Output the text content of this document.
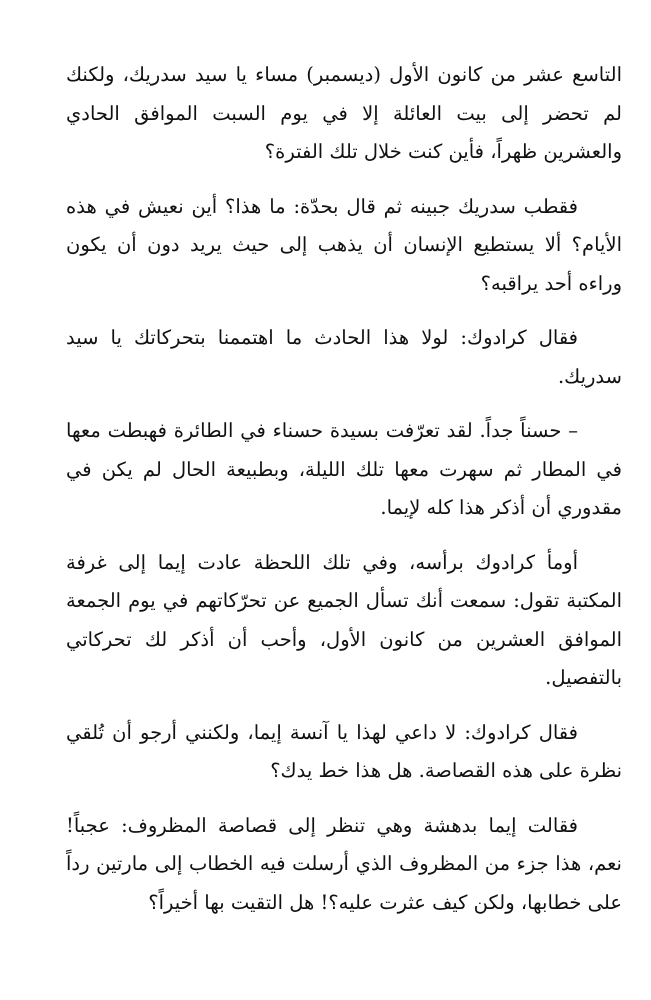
التاسع عشر من كانون الأول (ديسمبر) مساء يا سيد سدريك، ولكنك لم تحضر إلى بيت العائلة إلا في يوم السبت الموافق الحادي والعشرين ظهراً، فأين كنت خلال تلك الفترة؟

فقطب سدريك جبينه ثم قال بحدّة: ما هذا؟ أين نعيش في هذه الأيام؟ ألا يستطيع الإنسان أن يذهب إلى حيث يريد دون أن يكون وراءه أحد يراقبه؟

فقال كرادوك: لولا هذا الحادث ما اهتممنا بتحركاتك يا سيد سدريك.

– حسناً جداً. لقد تعرّفت بسيدة حسناء في الطائرة فهبطت معها في المطار ثم سهرت معها تلك الليلة، وبطبيعة الحال لم يكن في مقدوري أن أذكر هذا كله لإيما.

أومأ كرادوك برأسه، وفي تلك اللحظة عادت إيما إلى غرفة المكتبة تقول: سمعت أنك تسأل الجميع عن تحرّكاتهم في يوم الجمعة الموافق العشرين من كانون الأول، وأحب أن أذكر لك تحركاتي بالتفصيل.

فقال كرادوك: لا داعي لهذا يا آنسة إيما، ولكنني أرجو أن تُلقي نظرة على هذه القصاصة. هل هذا خط يدك؟

فقالت إيما بدهشة وهي تنظر إلى قصاصة المظروف: عجباً! نعم، هذا جزء من المظروف الذي أرسلت فيه الخطاب إلى مارتين رداً على خطابها، ولكن كيف عثرت عليه؟! هل التقيت بها أخيراً؟
